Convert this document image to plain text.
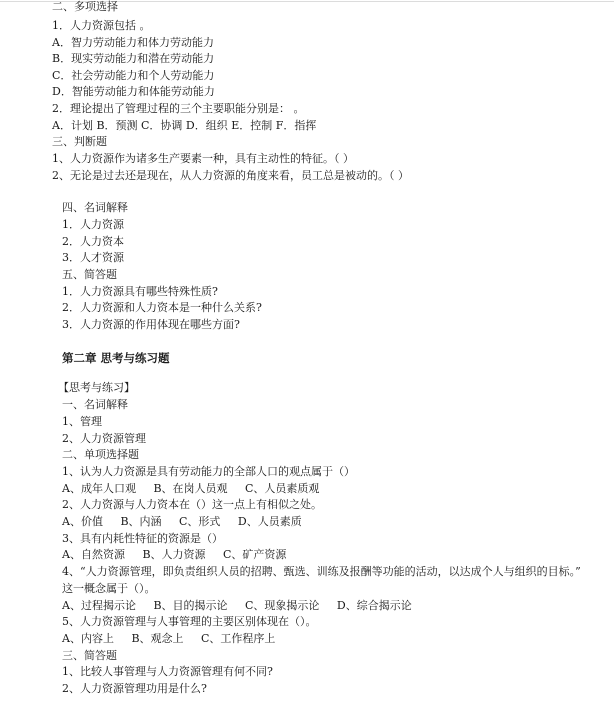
二、多项选择
1．人力资源包括 。
A．智力劳动能力和体力劳动能力
B．现实劳动能力和潜在劳动能力
C．社会劳动能力和个人劳动能力
D．智能劳动能力和体能劳动能力
2．理论提出了管理过程的三个主要职能分别是： 。
A．计划 B．预测 C．协调 D．组织 E．控制 F．指挥
三、判断题
1、人力资源作为诸多生产要素一种，具有主动性的特征。（ ）
2、无论是过去还是现在，从人力资源的角度来看，员工总是被动的。（ ）
四、名词解释
1．人力资源
2．人力资本
3．人才资源
五、简答题
1．人力资源具有哪些特殊性质?
2．人力资源和人力资本是一种什么关系?
3．人力资源的作用体现在哪些方面?
第二章 思考与练习题
【思考与练习】
一、名词解释
1、管理
2、人力资源管理
二、单项选择题
1、认为人力资源是具有劳动能力的全部人口的观点属于（）
A、成年人口观 B、在岗人员观 C、人员素质观
2、人力资源与人力资本在（）这一点上有相似之处。
A、价值 B、内涵 C、形式 D、人员素质
3、具有内耗性特征的资源是（）
A、自然资源 B、人力资源 C、矿产资源
4、“人力资源管理，即负责组织人员的招聘、甄选、训练及报酬等功能的活动，以达成个人与组织的目标。”
这一概念属于（）。
A、过程揭示论 B、目的揭示论 C、现象揭示论 D、综合揭示论
5、人力资源管理与人事管理的主要区别体现在（）。
A、内容上 B、观念上 C、工作程序上
三、简答题
1、比较人事管理与人力资源管理有何不同?
2、人力资源管理功用是什么?
